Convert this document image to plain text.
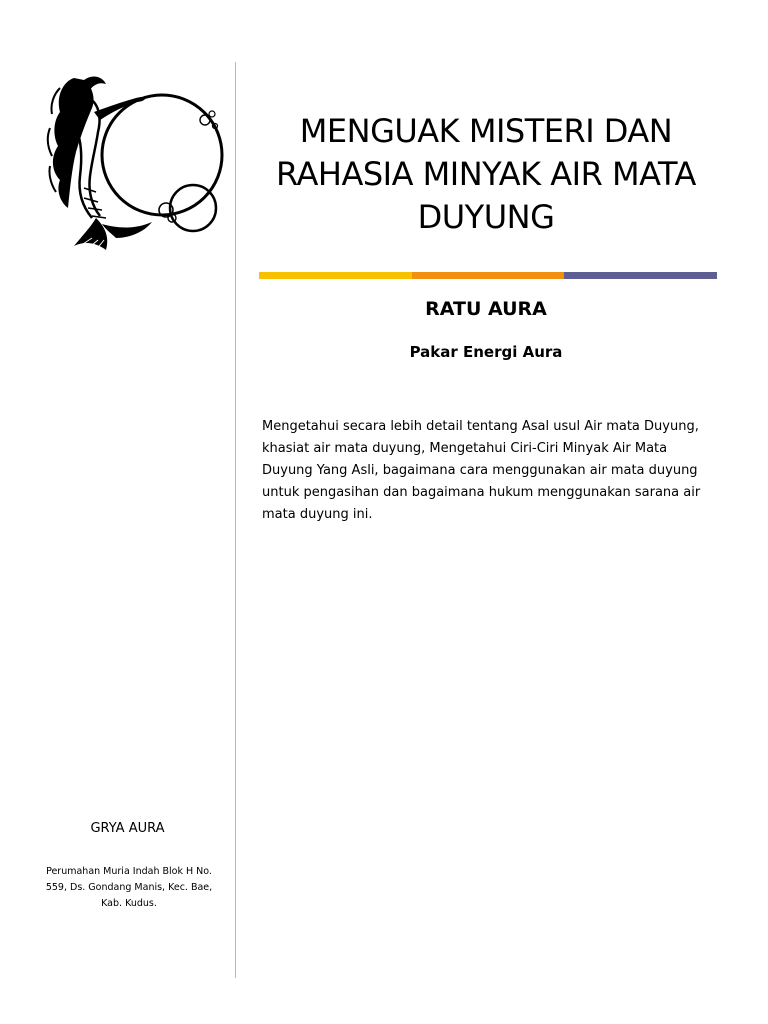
MENGUAK MISTERI DAN RAHASIA MINYAK AIR MATA DUYUNG
RATU AURA
Pakar Energi Aura

Mengetahui secara lebih detail tentang Asal usul Air mata Duyung, khasiat air mata duyung, Mengetahui Ciri-Ciri Minyak Air Mata Duyung Yang Asli, bagaimana cara menggunakan air mata duyung untuk pengasihan dan bagaimana hukum menggunakan sarana air mata duyung ini.

GRYA AURA

Perumahan Muria Indah Blok H No. 559, Ds. Gondang Manis, Kec. Bae, Kab. Kudus.
